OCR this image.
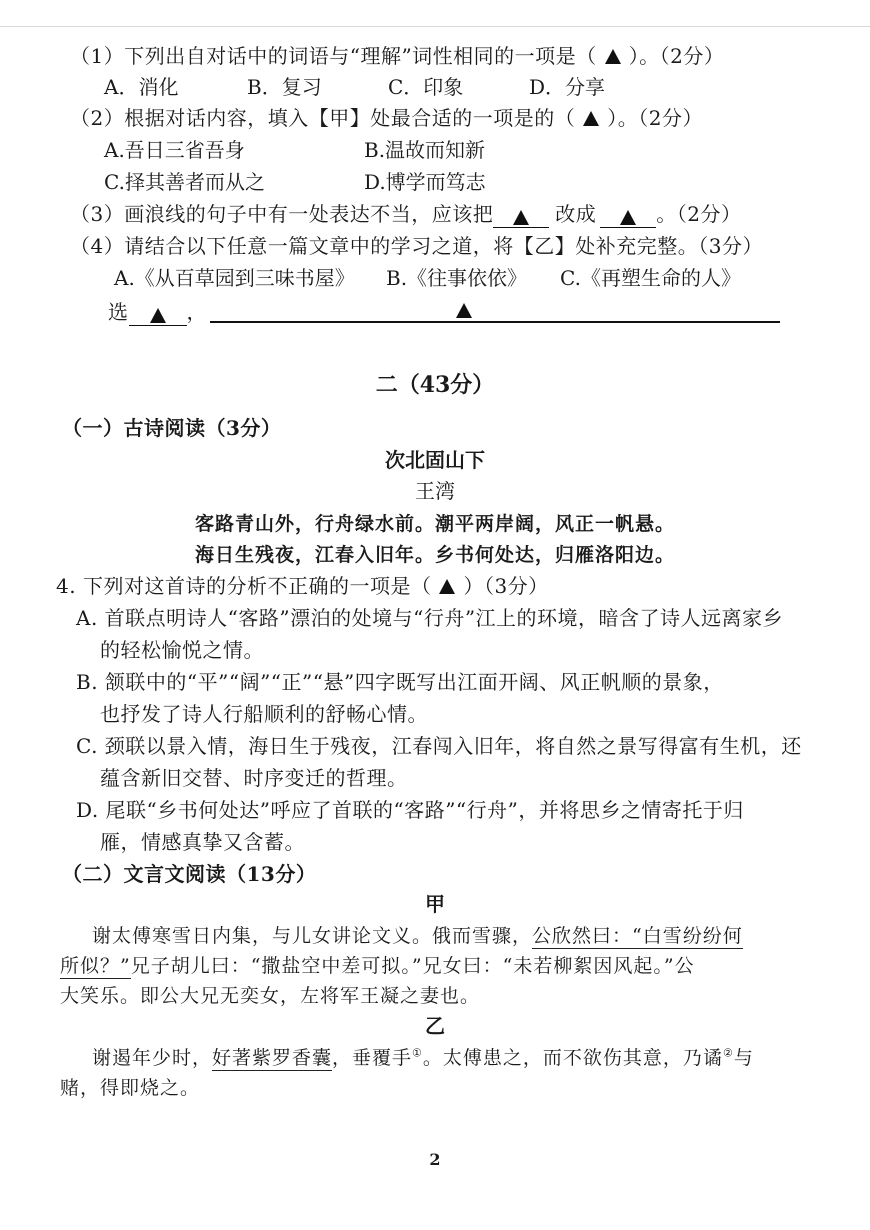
（1）下列出自对话中的词语与“理解”词性相同的一项是（ ）。（2分）
A．消化	B．复习	C．印象	D．分享
（2）根据对话内容，填入【甲】处最合适的一项是的（ ）。（2分）
A.吾日三省吾身	B.温故而知新
C.择其善者而从之	D.博学而笃志
（3）画浪线的句子中有一处表达不当，应该把	改成	。（2分）
（4）请结合以下任意一篇文章中的学习之道，将【乙】处补充完整。（3分）
A.《从百草园到三味书屋》 B.《往事依依》 C.《再塑生命的人》
选	，
二（43分）
（一）古诗阅读（3分）
次北固山下
王湾
客路青山外，行舟绿水前。潮平两岸阔，风正一帆悬。
海日生残夜，江春入旧年。乡书何处达，归雁洛阳边。
4. 下列对这首诗的分析不正确的一项是（ ）（3分）
A. 首联点明诗人“客路”漂泊的处境与“行舟”江上的环境，暗含了诗人远离家乡
的轻松愉悦之情。
B. 颔联中的“平”“阔”“正”“悬”四字既写出江面开阔、风正帆顺的景象，
也抒发了诗人行船顺利的舒畅心情。
C. 颈联以景入情，海日生于残夜，江春闯入旧年，将自然之景写得富有生机，还
蕴含新旧交替、时序变迁的哲理。
D. 尾联“乡书何处达”呼应了首联的“客路”“行舟”，并将思乡之情寄托于归
雁，情感真挚又含蓄。
（二）文言文阅读（13分）
甲
谢太傅寒雪日内集，与儿女讲论文义。俄而雪骤，公欣然曰：“白雪纷纷何
所似？”兄子胡儿曰：“撒盐空中差可拟。”兄女曰：“未若柳絮因风起。”公
大笑乐。即公大兄无奕女，左将军王凝之妻也。
乙
谢遏年少时，好著紫罗香囊，垂覆手①。太傅患之，而不欲伤其意，乃谲②与
赌，得即烧之。
2
